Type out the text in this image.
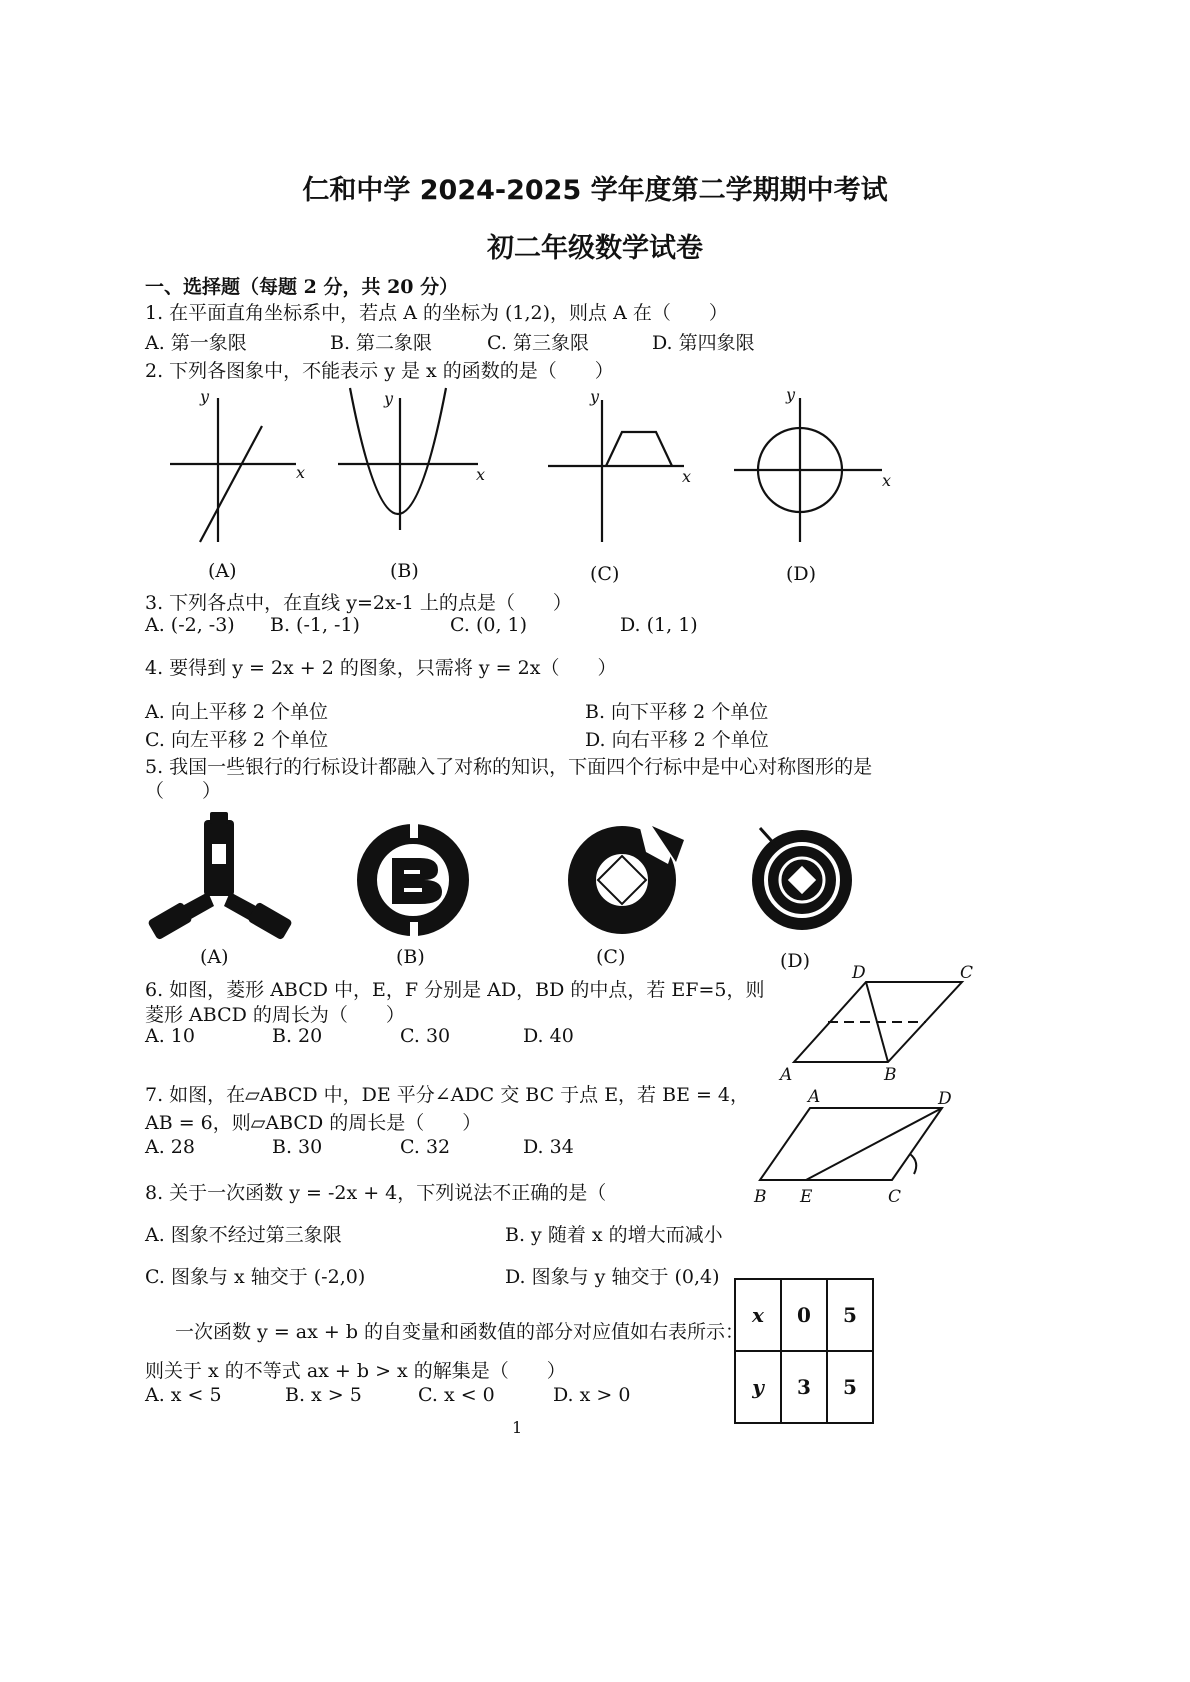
仁和中学 2024-2025 学年度第二学期期中考试
初二年级数学试卷
一、选择题（每题 2 分，共 20 分）
1. 在平面直角坐标系中，若点 A 的坐标为 (1,2)，则点 A 在（　　）
A. 第一象限	B. 第二象限	C. 第三象限	D. 第四象限
2. 下列各图象中，不能表示 y 是 x 的函数的是（　　）
y
x
y
x
y
x
y
x
(A)	(B)	(C)	(D)
3. 下列各点中，在直线 y=2x-1 上的点是（　　）
A. (-2, -3) B. (-1, -1)	C. (0, 1)	D. (1, 1)
4. 要得到 y = 2x + 2 的图象，只需将 y = 2x（　　）
A. 向上平移 2 个单位	B. 向下平移 2 个单位
C. 向左平移 2 个单位	D. 向右平移 2 个单位
5. 我国一些银行的行标设计都融入了对称的知识，下面四个行标中是中心对称图形的是
（　　）
(A)	(B)	(C)	(D)
6. 如图，菱形 ABCD 中，E，F 分别是 AD，BD 的中点，若 EF=5，则
菱形 ABCD 的周长为（　　）
A. 10	B. 20	C. 30	D. 40
A	B
C
D
7. 如图，在▱ABCD 中，DE 平分∠ADC 交 BC 于点 E，若 BE = 4，
AB = 6，则▱ABCD 的周长是（　　）
A. 28	B. 30	C. 32	D. 34
A
B	C
D
E
8. 关于一次函数 y = -2x + 4，下列说法不正确的是（
A. 图象不经过第三象限	B. y 随着 x 的增大而减小
C. 图象与 x 轴交于 (-2,0)	D. 图象与 y 轴交于 (0,4)
一次函数 y = ax + b 的自变量和函数值的部分对应值如右表所示：
则关于 x 的不等式 ax + b > x 的解集是（　　）
A. x < 5	B. x > 5	C. x < 0	D. x > 0
x	0	5
y	3	5
1
